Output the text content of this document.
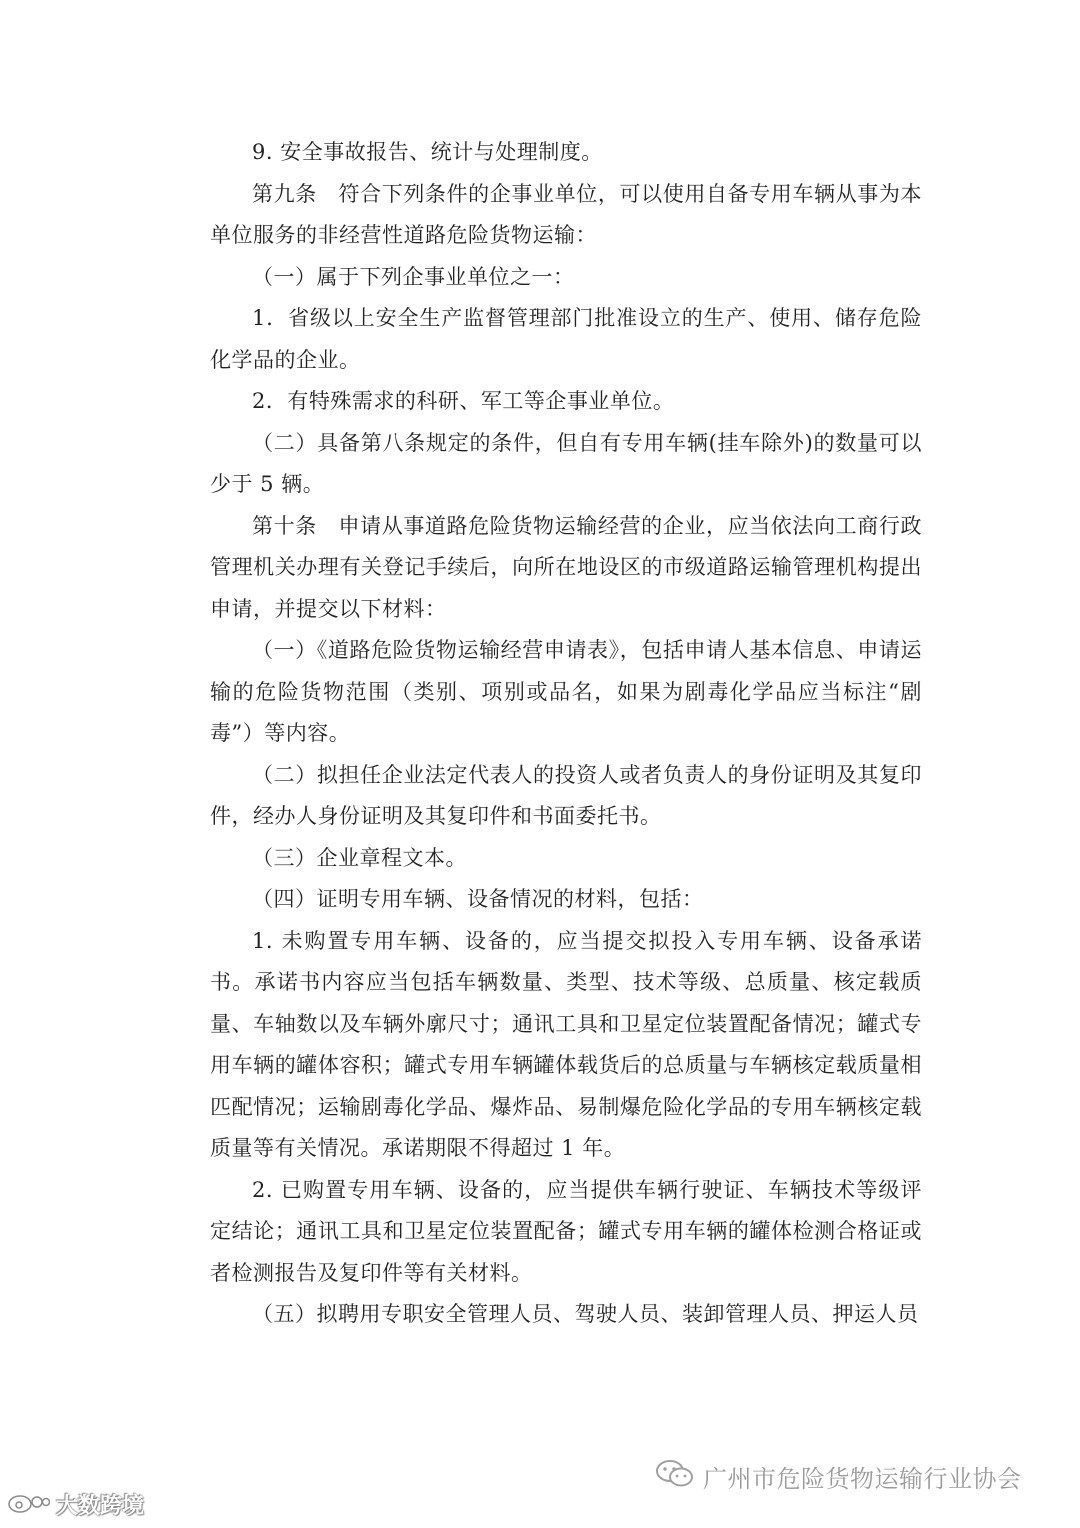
9. 安全事故报告、统计与处理制度。

第九条　符合下列条件的企事业单位，可以使用自备专用车辆从事为本单位服务的非经营性道路危险货物运输：

（一）属于下列企事业单位之一：

1．省级以上安全生产监督管理部门批准设立的生产、使用、储存危险化学品的企业。

2．有特殊需求的科研、军工等企事业单位。

（二）具备第八条规定的条件，但自有专用车辆(挂车除外)的数量可以少于 5 辆。

第十条　申请从事道路危险货物运输经营的企业，应当依法向工商行政管理机关办理有关登记手续后，向所在地设区的市级道路运输管理机构提出申请，并提交以下材料：

（一）《道路危险货物运输经营申请表》，包括申请人基本信息、申请运输的危险货物范围（类别、项别或品名，如果为剧毒化学品应当标注“剧毒”）等内容。

（二）拟担任企业法定代表人的投资人或者负责人的身份证明及其复印件，经办人身份证明及其复印件和书面委托书。

（三）企业章程文本。

（四）证明专用车辆、设备情况的材料，包括：

1. 未购置专用车辆、设备的，应当提交拟投入专用车辆、设备承诺书。承诺书内容应当包括车辆数量、类型、技术等级、总质量、核定载质量、车轴数以及车辆外廓尺寸；通讯工具和卫星定位装置配备情况；罐式专用车辆的罐体容积；罐式专用车辆罐体载货后的总质量与车辆核定载质量相匹配情况；运输剧毒化学品、爆炸品、易制爆危险化学品的专用车辆核定载质量等有关情况。承诺期限不得超过 1 年。

2. 已购置专用车辆、设备的，应当提供车辆行驶证、车辆技术等级评定结论；通讯工具和卫星定位装置配备；罐式专用车辆的罐体检测合格证或者检测报告及复印件等有关材料。

（五）拟聘用专职安全管理人员、驾驶人员、装卸管理人员、押运人员

广州市危险货物运输行业协会
大数跨境
